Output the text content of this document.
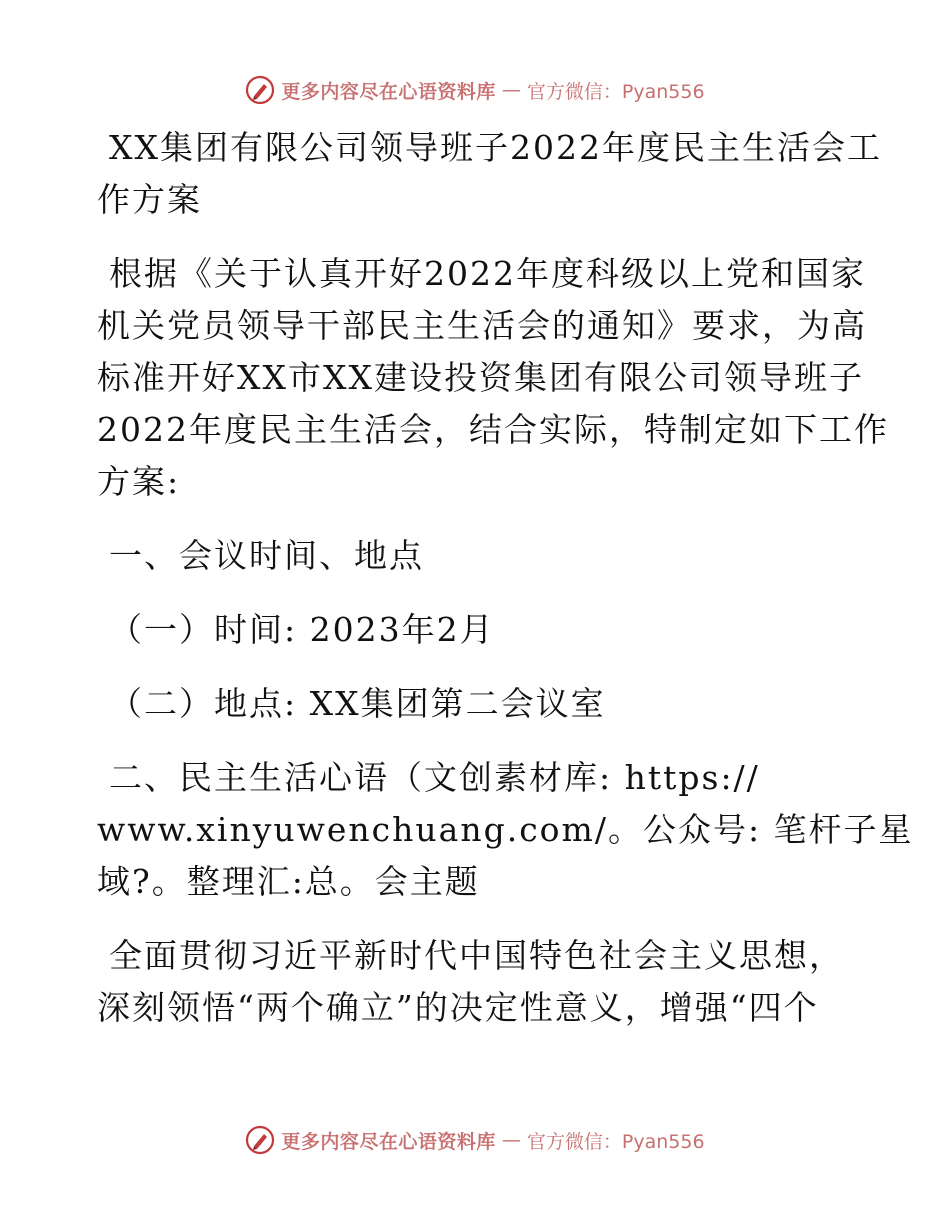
更多内容尽在心语资料库 — 官方微信：Pyan556
XX集团有限公司领导班子2022年度民主生活会工
作方案
根据《关于认真开好2022年度科级以上党和国家
机关党员领导干部民主生活会的通知》要求，为高
标准开好XX市XX建设投资集团有限公司领导班子
2022年度民主生活会，结合实际，特制定如下工作
方案:
一、会议时间、地点
（一）时间: 2023年2月
（二）地点: XX集团第二会议室
二、民主生活心语（文创素材库: https://
www.xinyuwenchuang.com/。公众号: 笔杆子星
域?。整理汇:总。会主题
全面贯彻习近平新时代中国特色社会主义思想，
深刻领悟“两个确立”的决定性意义，增强“四个
更多内容尽在心语资料库 — 官方微信：Pyan556
